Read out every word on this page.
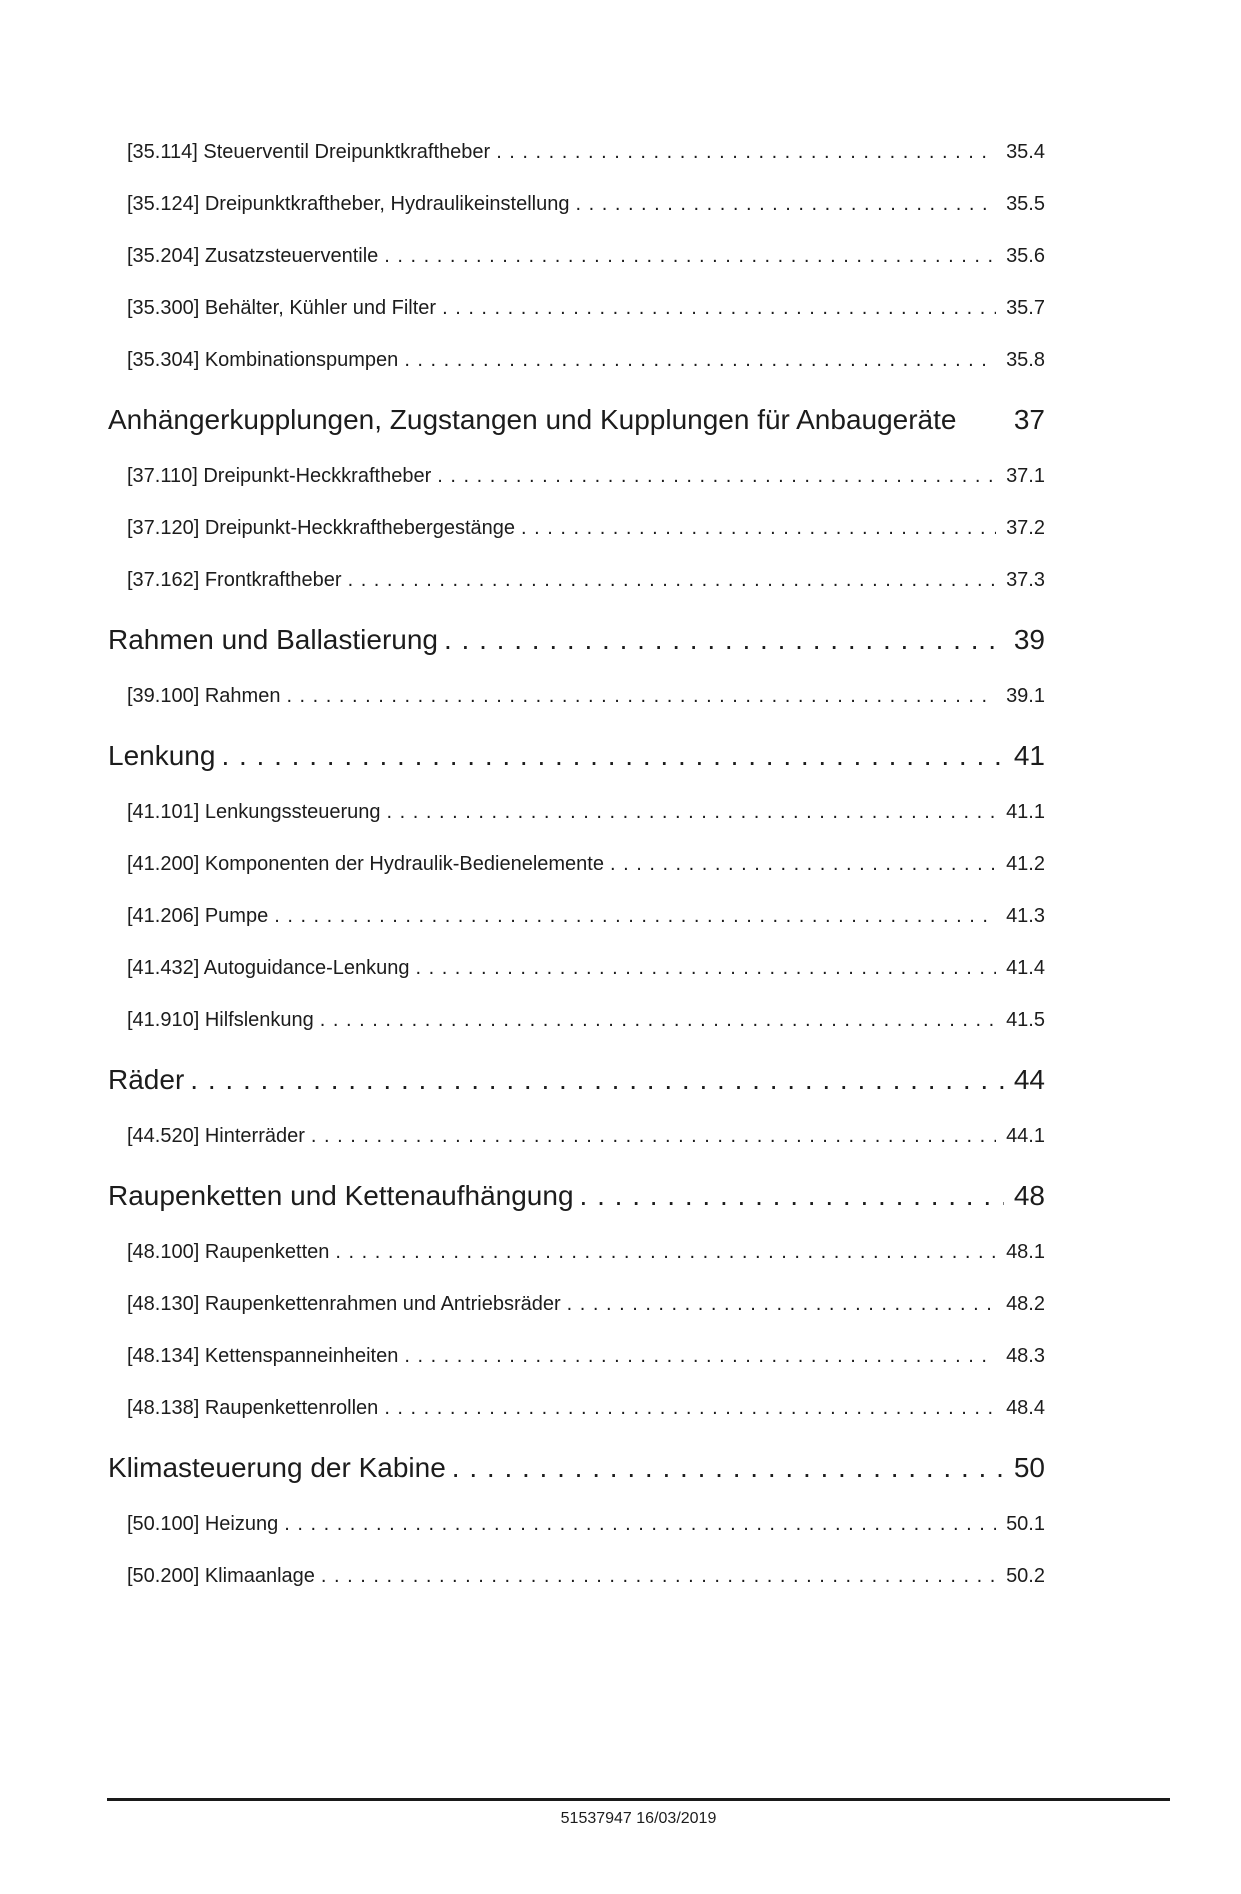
[35.114] Steuerventil Dreipunktkraftheber . . .	35.4
[35.124] Dreipunktkraftheber, Hydraulikeinstellung . . .	35.5
[35.204] Zusatzsteuerventile . . .	35.6
[35.300] Behälter, Kühler und Filter . . .	35.7
[35.304] Kombinationspumpen . . .	35.8
Anhängerkupplungen, Zugstangen und Kupplungen für Anbaugeräte 37
[37.110] Dreipunkt-Heckkraftheber . . .	37.1
[37.120] Dreipunkt-Heckkrafthebergestänge . . .	37.2
[37.162] Frontkraftheber . . .	37.3
Rahmen und Ballastierung . . .	39
[39.100] Rahmen . . .	39.1
Lenkung . . .	41
[41.101] Lenkungssteuerung . . .	41.1
[41.200] Komponenten der Hydraulik-Bedienelemente . . .	41.2
[41.206] Pumpe . . .	41.3
[41.432] Autoguidance-Lenkung . . .	41.4
[41.910] Hilfslenkung . . .	41.5
Räder . . .	44
[44.520] Hinterräder . . .	44.1
Raupenketten und Kettenaufhängung . . .	48
[48.100] Raupenketten . . .	48.1
[48.130] Raupenkettenrahmen und Antriebsräder . . .	48.2
[48.134] Kettenspanneinheiten . . .	48.3
[48.138] Raupenkettenrollen . . .	48.4
Klimasteuerung der Kabine . . .	50
[50.100] Heizung . . .	50.1
[50.200] Klimaanlage . . .	50.2
51537947 16/03/2019
